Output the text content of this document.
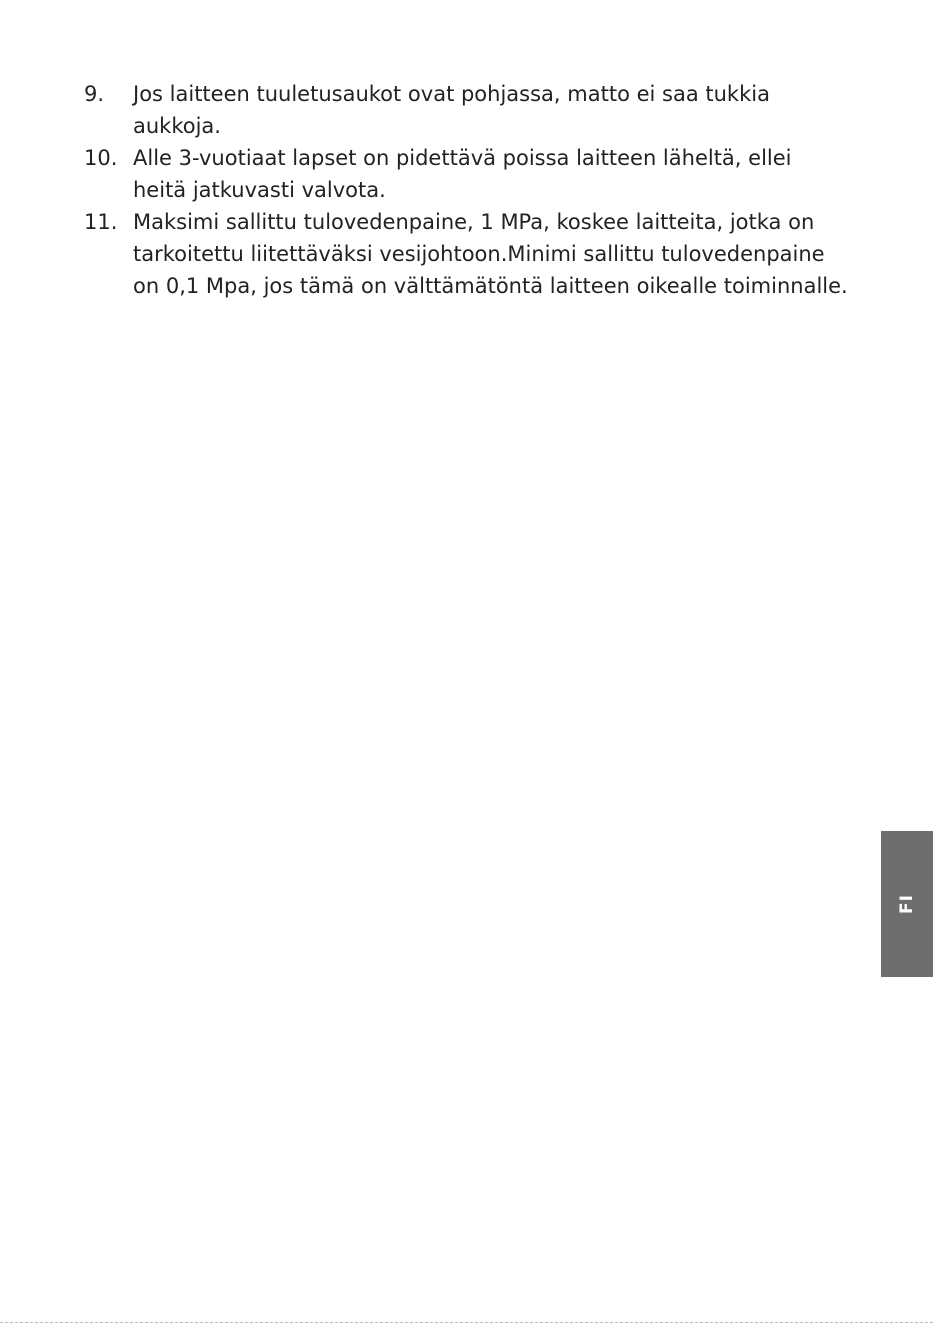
9. Jos laitteen tuuletusaukot ovat pohjassa, matto ei saa tukkia
aukkoja.
10. Alle 3-vuotiaat lapset on pidettävä poissa laitteen läheltä, ellei
heitä jatkuvasti valvota.
11. Maksimi sallittu tulovedenpaine, 1 MPa, koskee laitteita, jotka on
tarkoitettu liitettäväksi vesijohtoon.Minimi sallittu tulovedenpaine
on 0,1 Mpa, jos tämä on välttämätöntä laitteen oikealle toiminnalle.
FI
